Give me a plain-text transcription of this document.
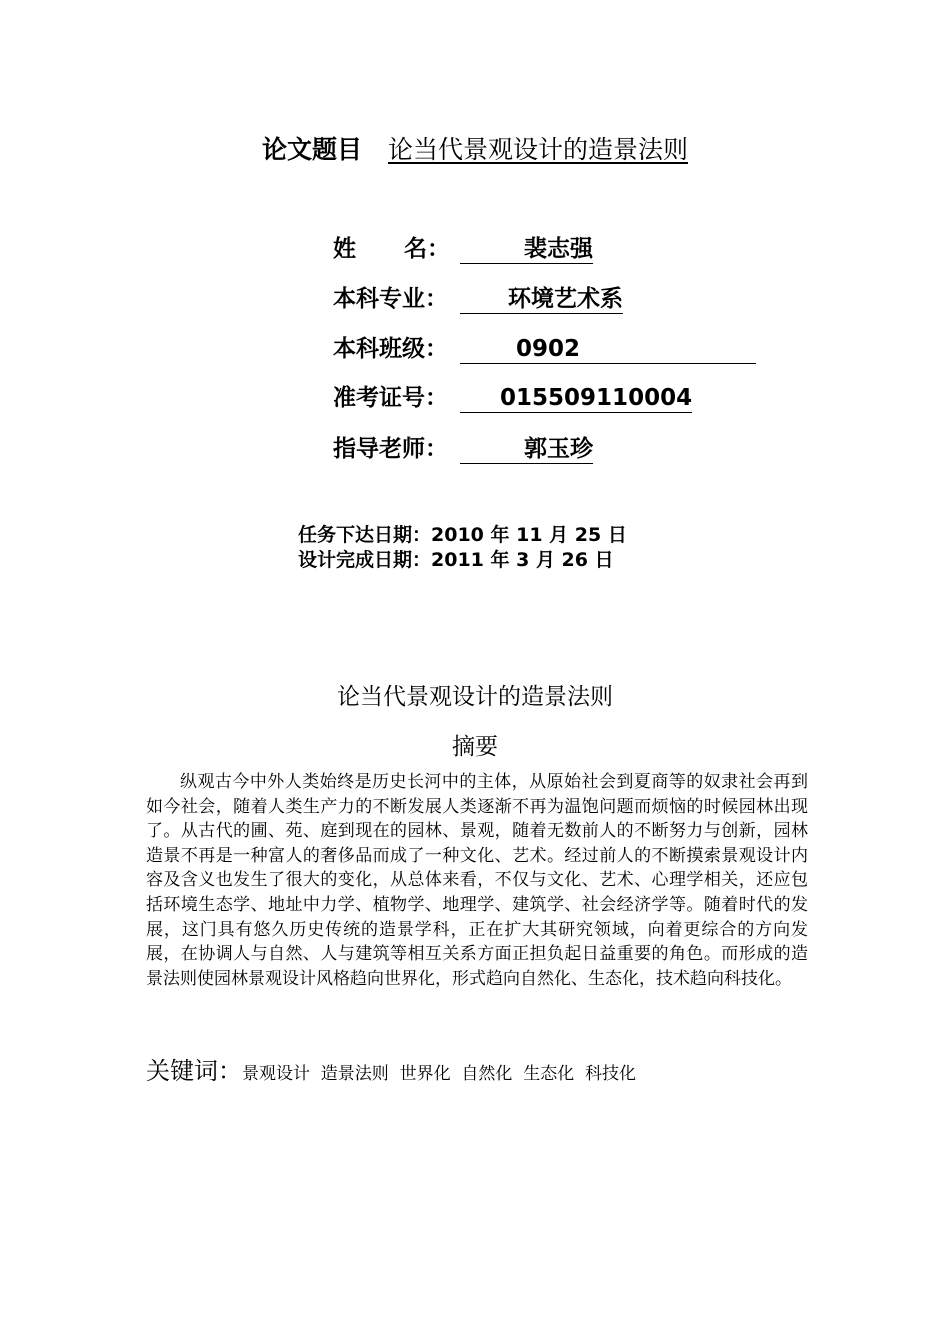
论文题目 论当代景观设计的造景法则
姓      名：        裴志强
本科专业：      环境艺术系
本科班级：       0902
准考证号：     015509110004
指导老师：        郭玉珍
任务下达日期：2010 年 11 月 25 日
设计完成日期：2011 年 3 月 26 日
论当代景观设计的造景法则
摘要
纵观古今中外人类始终是历史长河中的主体，从原始社会到夏商等的奴隶社会再到如今社会，随着人类生产力的不断发展人类逐渐不再为温饱问题而烦恼的时候园林出现了。从古代的圃、苑、庭到现在的园林、景观，随着无数前人的不断努力与创新，园林造景不再是一种富人的奢侈品而成了一种文化、艺术。经过前人的不断摸索景观设计内容及含义也发生了很大的变化，从总体来看，不仅与文化、艺术、心理学相关，还应包括环境生态学、地址中力学、植物学、地理学、建筑学、社会经济学等。随着时代的发展，这门具有悠久历史传统的造景学科，正在扩大其研究领域，向着更综合的方向发展，在协调人与自然、人与建筑等相互关系方面正担负起日益重要的角色。而形成的造景法则使园林景观设计风格趋向世界化，形式趋向自然化、生态化，技术趋向科技化。
关键词：景观设计  造景法则  世界化  自然化  生态化  科技化
